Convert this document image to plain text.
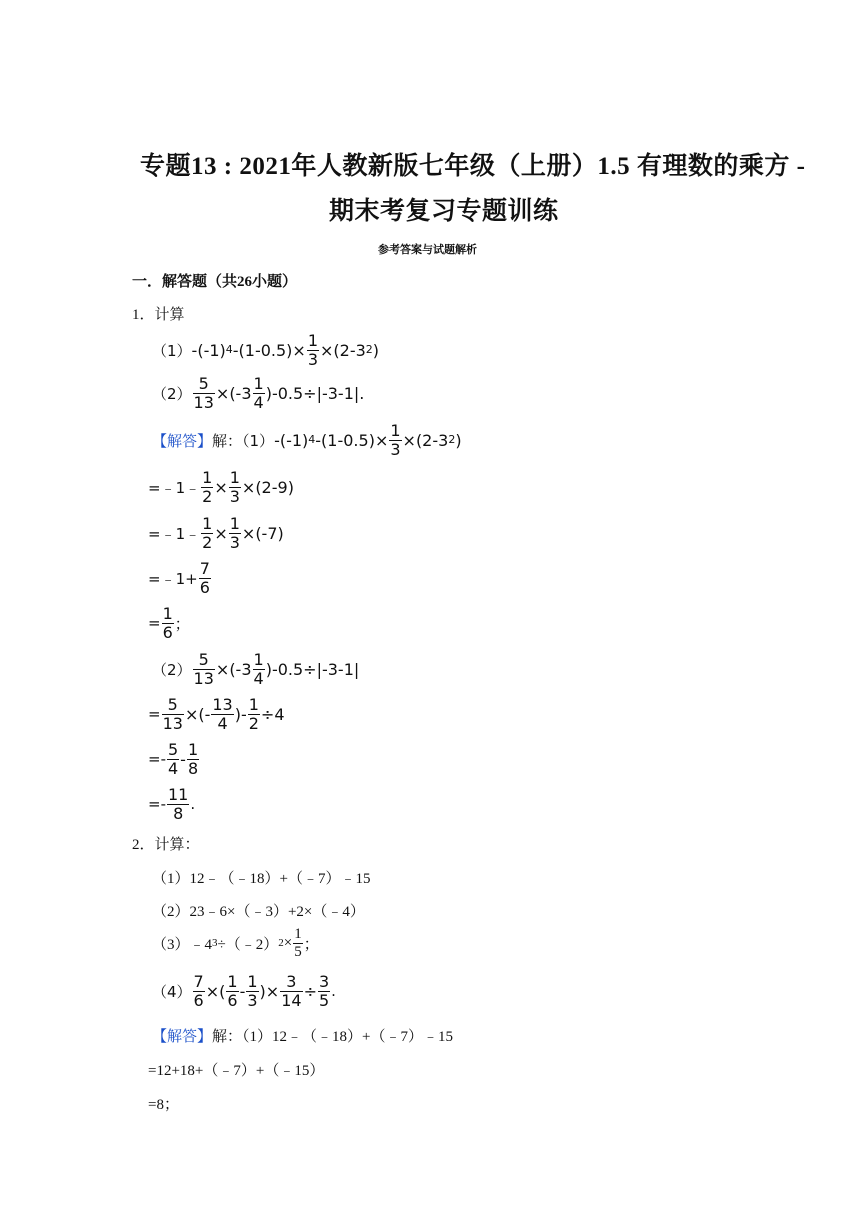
专题13 : 2021年人教新版七年级（上册）1.5 有理数的乘方 -
期末考复习专题训练
参考答案与试题解析
一．解答题（共26小题）
1．计算
（1） -(-1) 4 $-(1-0.5)\times \frac{1}{3} \times(2-3$ 2 )
$(2) \frac{5}{13} \times(-3 \frac{1}{4} )-0.5\div|-3-1|$.
【解答】 解：（1） -(-1) 4 $-(1-0.5)\times \frac{1}{3} \times(2-3$ 2 )
=﹣1﹣ $\frac{1}{2} \times \frac{1}{3} \times(2-9)$
=﹣1﹣ $\frac{1}{2} \times \frac{1}{3} \times(-7)$
=﹣1+ $\frac{7}{6}$
= $\frac{1}{6}$ ；
$(2) \frac{5}{13} \times(-3 \frac{1}{4} )-0.5\div|-3-1|$
= $\frac{5}{13}$ ×(- $\frac{13}{4}$ )- $\frac{1}{2} \div 4$
=- $\frac{5}{4} - \frac{1}{8}$
=- $\frac{11}{8}$ .
2．计算：
（1）12﹣（﹣18）+（﹣7）﹣15
（2）23﹣6×（﹣3）+2×（﹣4）
（3）﹣4 3 ÷（﹣2） $2 \times \frac{1}{5}$ ；
$(4) \frac{7}{6}$ ×( $\frac{1}{6} - \frac{1}{3}$ )× $\frac{3}{14} \div \frac{3}{5}$ .
【解答】解：（1）12﹣（﹣18）+（﹣7）﹣15
=12+18+（﹣7）+（﹣15）
=8；
